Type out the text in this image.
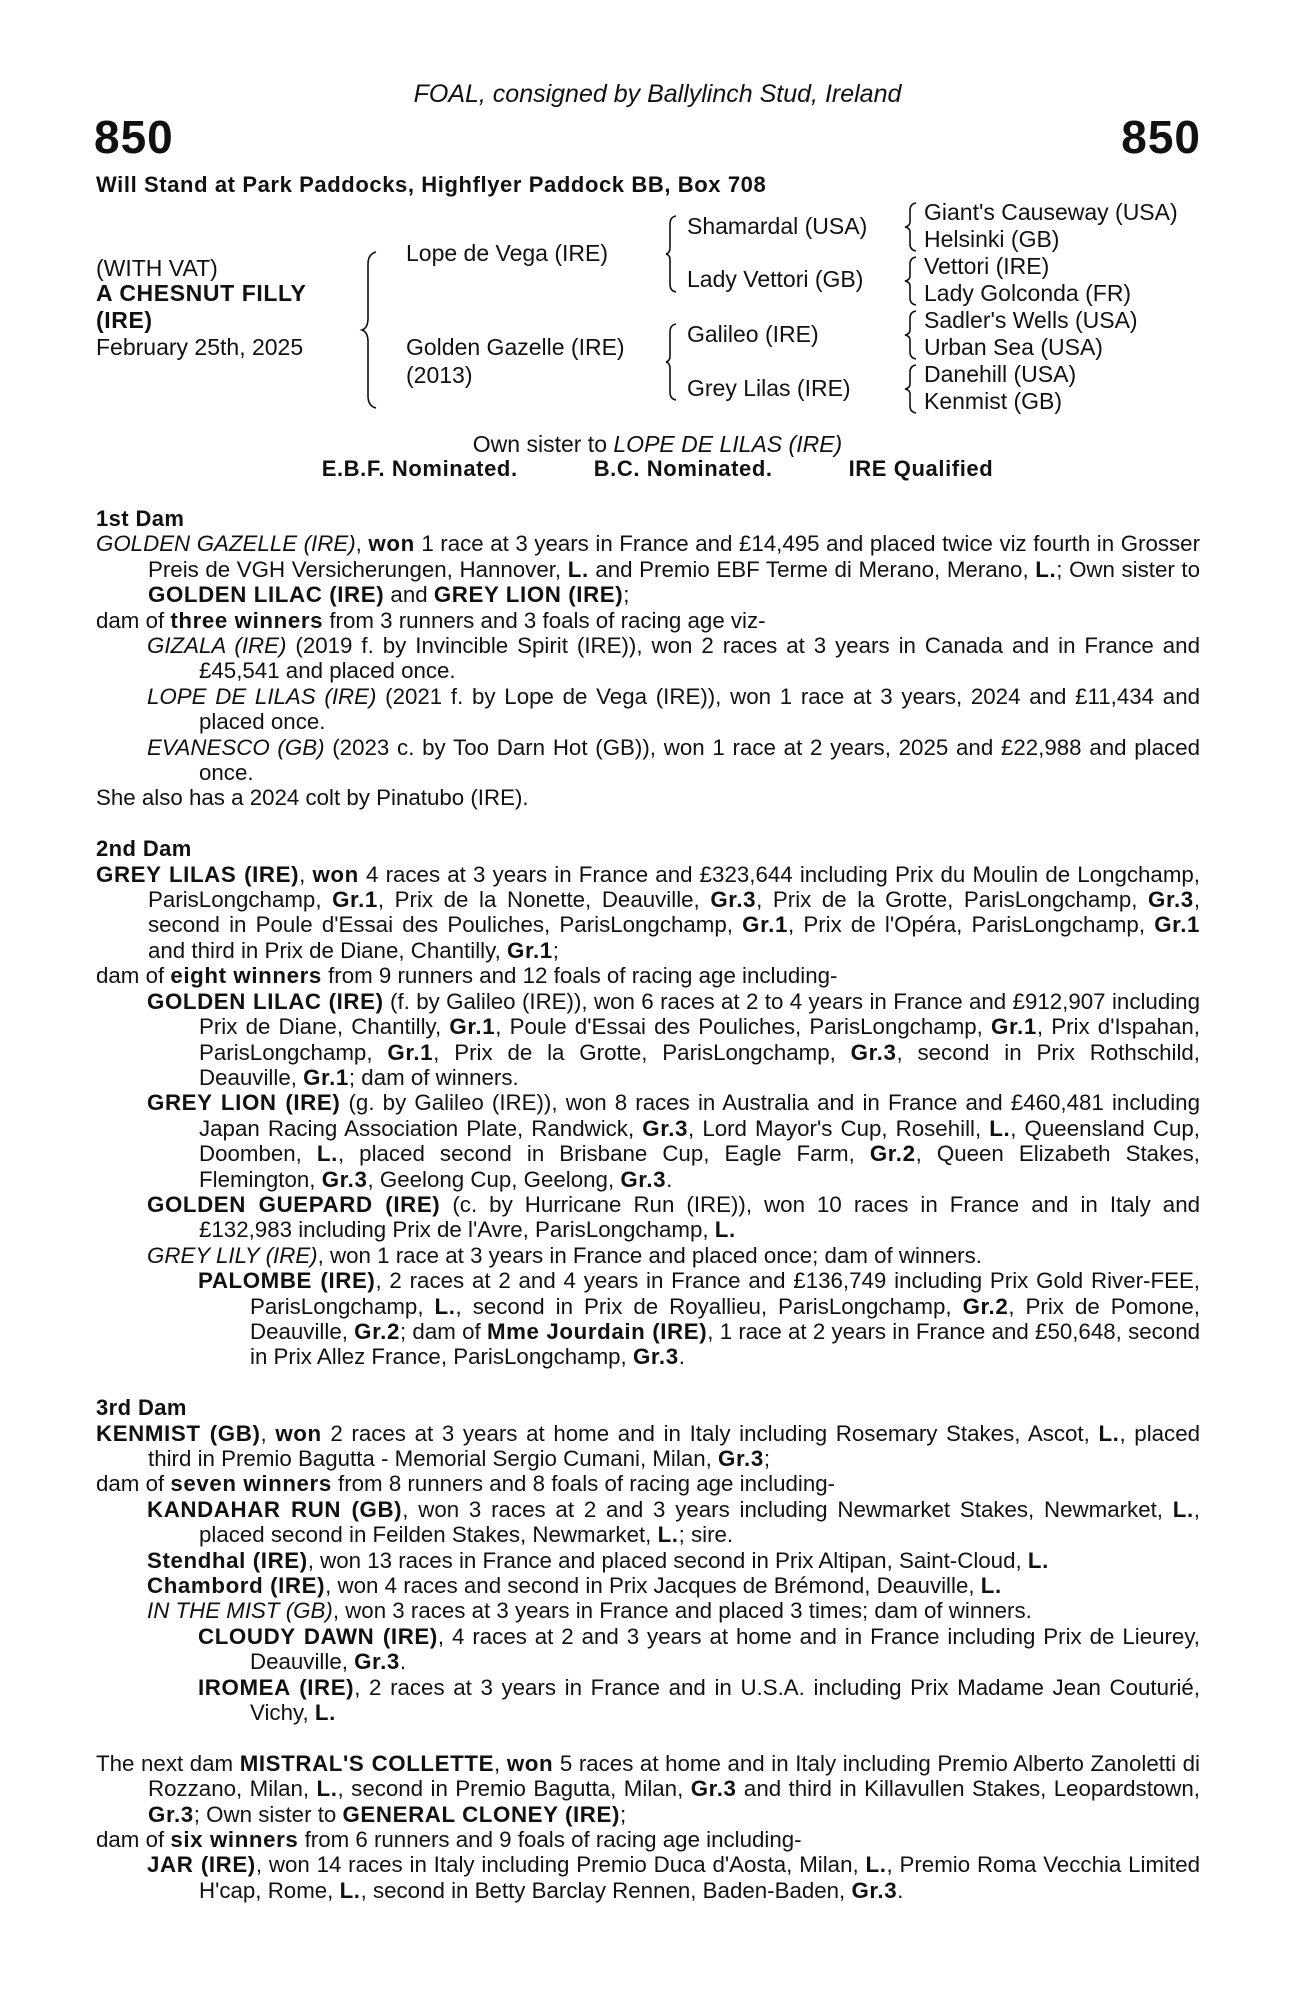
FOAL, consigned by Ballylinch Stud, Ireland
850	850
Will Stand at Park Paddocks, Highflyer Paddock BB, Box 708
(WITH VAT)
A CHESNUT FILLY
(IRE)
February 25th, 2025
Lope de Vega (IRE)
Golden Gazelle (IRE)
(2013)
Shamardal (USA)
Lady Vettori (GB)
Galileo (IRE)
Grey Lilas (IRE)
Giant's Causeway (USA)
Helsinki (GB)
Vettori (IRE)
Lady Golconda (FR)
Sadler's Wells (USA)
Urban Sea (USA)
Danehill (USA)
Kenmist (GB)
Own sister to LOPE DE LILAS (IRE)
E.B.F. Nominated.	B.C. Nominated.	IRE Qualified
1st Dam
GOLDEN GAZELLE (IRE), won 1 race at 3 years in France and £14,495 and placed twice viz fourth in Grosser Preis de VGH Versicherungen, Hannover, L. and Premio EBF Terme di Merano, Merano, L.; Own sister to GOLDEN LILAC (IRE) and GREY LION (IRE);
dam of three winners from 3 runners and 3 foals of racing age viz-
GIZALA (IRE) (2019 f. by Invincible Spirit (IRE)), won 2 races at 3 years in Canada and in France and £45,541 and placed once.
LOPE DE LILAS (IRE) (2021 f. by Lope de Vega (IRE)), won 1 race at 3 years, 2024 and £11,434 and placed once.
EVANESCO (GB) (2023 c. by Too Darn Hot (GB)), won 1 race at 2 years, 2025 and £22,988 and placed once.
She also has a 2024 colt by Pinatubo (IRE).
2nd Dam
GREY LILAS (IRE), won 4 races at 3 years in France and £323,644 including Prix du Moulin de Longchamp, ParisLongchamp, Gr.1, Prix de la Nonette, Deauville, Gr.3, Prix de la Grotte, ParisLongchamp, Gr.3, second in Poule d'Essai des Pouliches, ParisLongchamp, Gr.1, Prix de l'Opéra, ParisLongchamp, Gr.1 and third in Prix de Diane, Chantilly, Gr.1;
dam of eight winners from 9 runners and 12 foals of racing age including-
GOLDEN LILAC (IRE) (f. by Galileo (IRE)), won 6 races at 2 to 4 years in France and £912,907 including Prix de Diane, Chantilly, Gr.1, Poule d'Essai des Pouliches, ParisLongchamp, Gr.1, Prix d'Ispahan, ParisLongchamp, Gr.1, Prix de la Grotte, ParisLongchamp, Gr.3, second in Prix Rothschild, Deauville, Gr.1; dam of winners.
GREY LION (IRE) (g. by Galileo (IRE)), won 8 races in Australia and in France and £460,481 including Japan Racing Association Plate, Randwick, Gr.3, Lord Mayor's Cup, Rosehill, L., Queensland Cup, Doomben, L., placed second in Brisbane Cup, Eagle Farm, Gr.2, Queen Elizabeth Stakes, Flemington, Gr.3, Geelong Cup, Geelong, Gr.3.
GOLDEN GUEPARD (IRE) (c. by Hurricane Run (IRE)), won 10 races in France and in Italy and £132,983 including Prix de l'Avre, ParisLongchamp, L.
GREY LILY (IRE), won 1 race at 3 years in France and placed once; dam of winners.
PALOMBE (IRE), 2 races at 2 and 4 years in France and £136,749 including Prix Gold River-FEE, ParisLongchamp, L., second in Prix de Royallieu, ParisLongchamp, Gr.2, Prix de Pomone, Deauville, Gr.2; dam of Mme Jourdain (IRE), 1 race at 2 years in France and £50,648, second in Prix Allez France, ParisLongchamp, Gr.3.
3rd Dam
KENMIST (GB), won 2 races at 3 years at home and in Italy including Rosemary Stakes, Ascot, L., placed third in Premio Bagutta - Memorial Sergio Cumani, Milan, Gr.3;
dam of seven winners from 8 runners and 8 foals of racing age including-
KANDAHAR RUN (GB), won 3 races at 2 and 3 years including Newmarket Stakes, Newmarket, L., placed second in Feilden Stakes, Newmarket, L.; sire.
Stendhal (IRE), won 13 races in France and placed second in Prix Altipan, Saint-Cloud, L.
Chambord (IRE), won 4 races and second in Prix Jacques de Brémond, Deauville, L.
IN THE MIST (GB), won 3 races at 3 years in France and placed 3 times; dam of winners.
CLOUDY DAWN (IRE), 4 races at 2 and 3 years at home and in France including Prix de Lieurey, Deauville, Gr.3.
IROMEA (IRE), 2 races at 3 years in France and in U.S.A. including Prix Madame Jean Couturié, Vichy, L.
The next dam MISTRAL'S COLLETTE, won 5 races at home and in Italy including Premio Alberto Zanoletti di Rozzano, Milan, L., second in Premio Bagutta, Milan, Gr.3 and third in Killavullen Stakes, Leopardstown, Gr.3; Own sister to GENERAL CLONEY (IRE);
dam of six winners from 6 runners and 9 foals of racing age including-
JAR (IRE), won 14 races in Italy including Premio Duca d'Aosta, Milan, L., Premio Roma Vecchia Limited H'cap, Rome, L., second in Betty Barclay Rennen, Baden-Baden, Gr.3.
